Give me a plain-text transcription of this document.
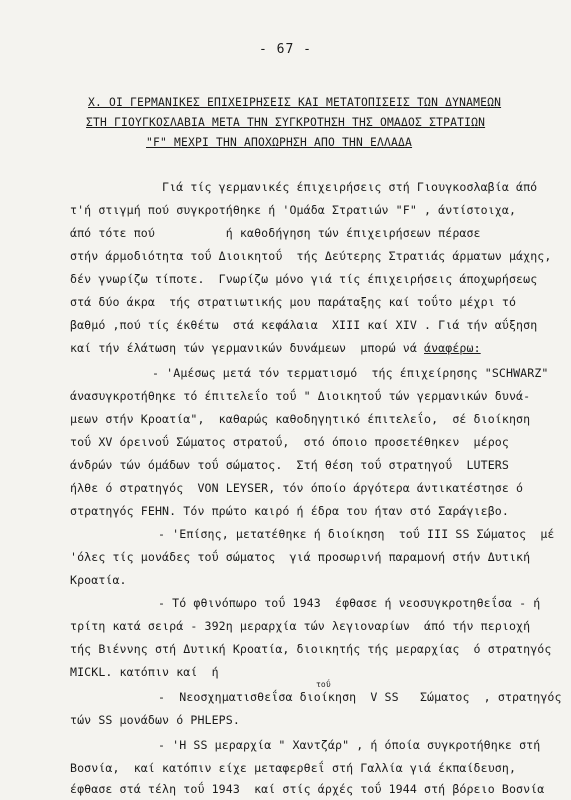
- 67 -
Χ. ΟΙ ΓΕΡΜΑΝΙΚΕΣ ΕΠΙΧΕΙΡΗΣΕΙΣ ΚΑΙ ΜΕΤΑΤΟΠΙΣΕΙΣ ΤΩΝ ΔΥΝΑΜΕΩΝ
ΣΤΗ ΓΙΟΥΓΚΟΣΛΑΒΙΑ ΜΕΤΑ ΤΗΝ ΣΥΓΚΡΟΤΗΣΗ ΤΗΣ ΟΜΑΔΟΣ ΣΤΡΑΤΙΩΝ
"F" ΜΕΧΡΙ ΤΗΝ ΑΠΟΧΩΡΗΣΗ ΑΠΟ ΤΗΝ ΕΛΛΑΔΑ
Γιά τίς γερμανικές έπιχειρήσεις στή Γιουγκοσλαβία άπό
τ'ή στιγμή πού συγκροτήθηκε ή 'Ομάδα Στρατιών "F" , άντίστοιχα,
άπό τότε πού          ή καθοδήγηση τών έπιχειρήσεων πέρασε
στήν άρμοδιότητα τοΰ Διοικητοΰ  τής Δεύτερης Στρατιάς άρματων μάχης,
δέν γνωρίζω τίποτε.  Γνωρίζω μόνο γιά τίς έπιχειρήσεις άποχωρήσεως
στά δύο άκρα  τής στρατιωτικής μου παράταξης καί τοΰτο μέχρι τό
βαθμό ,πού τίς έκθέτω  στά κεφάλαια  XIII καί XIV . Γιά τήν αΰξηση
καί τήν έλάτωση τών γερμανικών δυνάμεων  μπορώ νά άναφέρω:
- 'Αμέσως μετά τόν τερματισμό  τής έπιχείρησης "SCHWARZ"
άνασυγκροτήθηκε τό έπιτελεΐο τοΰ " Διοικητοΰ τών γερμανικών δυνά-
μεων στήν Κροατία",  καθαρώς καθοδηγητικό έπιτελεΐο,  σέ διοίκηση
τοΰ XV όρεινοΰ Σώματος στρατοΰ,  στό όποιο προσετέθηκεν  μέρος
άνδρών τών όμάδων τοΰ σώματος.  Στή θέση τοΰ στρατηγοΰ  LUTERS
ήλθε ό στρατηγός  VON LEYSER, τόν όποίο άργότερα άντικατέστησε ό
στρατηγός FEHN. Τόν πρώτο καιρό ή έδρα του ήταν στό Σαράγιεβο.
- 'Επίσης, μετατέθηκε ή διοίκηση  τοΰ III SS Σώματος  μέ
'όλες τίς μονάδες τοΰ σώματος  γιά προσωρινή παραμονή στήν Δυτική
Κροατία.
- Τό φθινόπωρο τοΰ 1943  έφθασε ή νεοσυγκροτηθεΐσα - ή
τρίτη κατά σειρά - 392η μεραρχία τών λεγιοναρίων  άπό τήν περιοχή
τής Βιέννης στή Δυτική Κροατία, διοικητής τής μεραρχίας  ό στρατηγός
MICKL. κατόπιν καί  ή
τοΰ
-  Νεοσχηματισθεΐσα διοίκηση  V SS   Σώματος  , στρατηγός
τών SS μονάδων ό PHLEPS.
- 'Η SS μεραρχία " Χαντζάρ" , ή όποία συγκροτήθηκε στή
Βοσνία,  καί κατόπιν είχε μεταφερθεΐ στή Γαλλία γιά έκπαίδευση,
έφθασε στά τέλη τοΰ 1943  καί στίς άρχές τοΰ 1944 στή βόρειο Βοσνία
